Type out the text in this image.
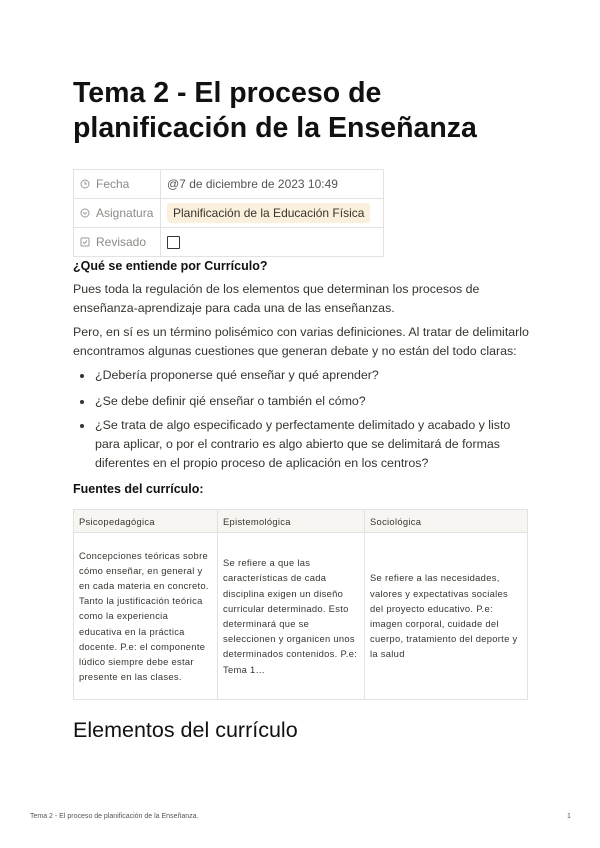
Tema 2 - El proceso de planificación de la Enseñanza
Fecha	@7 de diciembre de 2023 10:49
Asignatura	Planificación de la Educación Física
Revisado	
¿Qué se entiende por Currículo?

Pues toda la regulación de los elementos que determinan los procesos de enseñanza-aprendizaje para cada una de las enseñanzas.

Pero, en sí es un término polisémico con varias definiciones. Al tratar de delimitarlo encontramos algunas cuestiones que generan debate y no están del todo claras:

¿Debería proponerse qué enseñar y qué aprender?
¿Se debe definir qié enseñar o también el cómo?
¿Se trata de algo especificado y perfectamente delimitado y acabado y listo para aplicar, o por el contrario es algo abierto que se delimitará de formas diferentes en el propio proceso de aplicación en los centros?
Fuentes del currículo:
Psicopedagógica	Epistemológica	Sociológica
Concepciones teóricas sobre cómo enseñar, en general y en cada materia en concreto. Tanto la justificación teórica como la experiencia educativa en la práctica docente. P.e: el componente lúdico siempre debe estar presente en las clases.	Se refiere a que las características de cada disciplina exigen un diseño curricular determinado. Esto determinará que se seleccionen y organicen unos determinados contenidos. P.e: Tema 1…	Se refiere a las necesidades, valores y expectativas sociales del proyecto educativo. P.e: imagen corporal, cuidade del cuerpo, tratamiento del deporte y la salud
Elementos del currículo
Tema 2 - El proceso de planificación de la Enseñanza.	1
